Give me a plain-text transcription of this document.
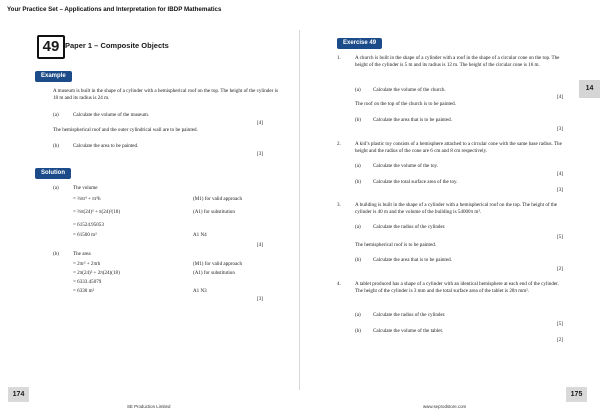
Your Practice Set – Applications and Interpretation for IBDP Mathematics
49 Paper 1 – Composite Objects
Example
A museum is built in the shape of a cylinder with a hemispherical roof on the top. The height of the cylinder is 18 m and its radius is 24 m.
(a)	Calculate the volume of the museum.
[4]
The hemispherical roof and the outer cylindrical wall are to be painted.
(b)	Calculate the area to be painted.
[3]
Solution
(a)	The volume
= ⅔πr³ + πr²h	(M1) for valid approach
= ⅔π(24)³ + π(24)²(18)	(A1) for substitution
= 61524.95053
= 61500 m³	A1 N4
[4]
(b)	The area
= 2πr² + 2πrh	(M1) for valid approach
= 2π(24)² + 2π(24)(18)	(A1) for substitution
= 6333.45079
= 6330 m²	A1 N3
[3]
174
SE Production Limited
Exercise 49
14
1.	A church is built in the shape of a cylinder with a roof in the shape of a circular cone on the top. The height of the cylinder is 5 m and its radius is 12 m. The height of the circular cone is 16 m.
(a) Calculate the volume of the church.
[4]
The roof on the top of the church is to be painted.
(b) Calculate the area that is to be painted.
[3]
2.	A kid’s plastic toy consists of a hemisphere attached to a circular cone with the same base radius. The height and the radius of the cone are 6 cm and 8 cm respectively.
(a) Calculate the volume of the toy.
[4]
(b) Calculate the total surface area of the toy.
[3]
3.	A building is built in the shape of a cylinder with a hemispherical roof on the top. The height of the cylinder is 40 m and the volume of the building is 54000π m³.
(a) Calculate the radius of the cylinder.
[5]
The hemispherical roof is to be painted.
(b) Calculate the area that is to be painted.
[2]
4.	A tablet produced has a shape of a cylinder with an identical hemisphere at each end of the cylinder. The height of the cylinder is 3 mm and the total surface area of the tablet is 28π mm².
(a) Calculate the radius of the cylinder.
[5]
(b) Calculate the volume of the tablet.
[2]
www.seprodstore.com
175
